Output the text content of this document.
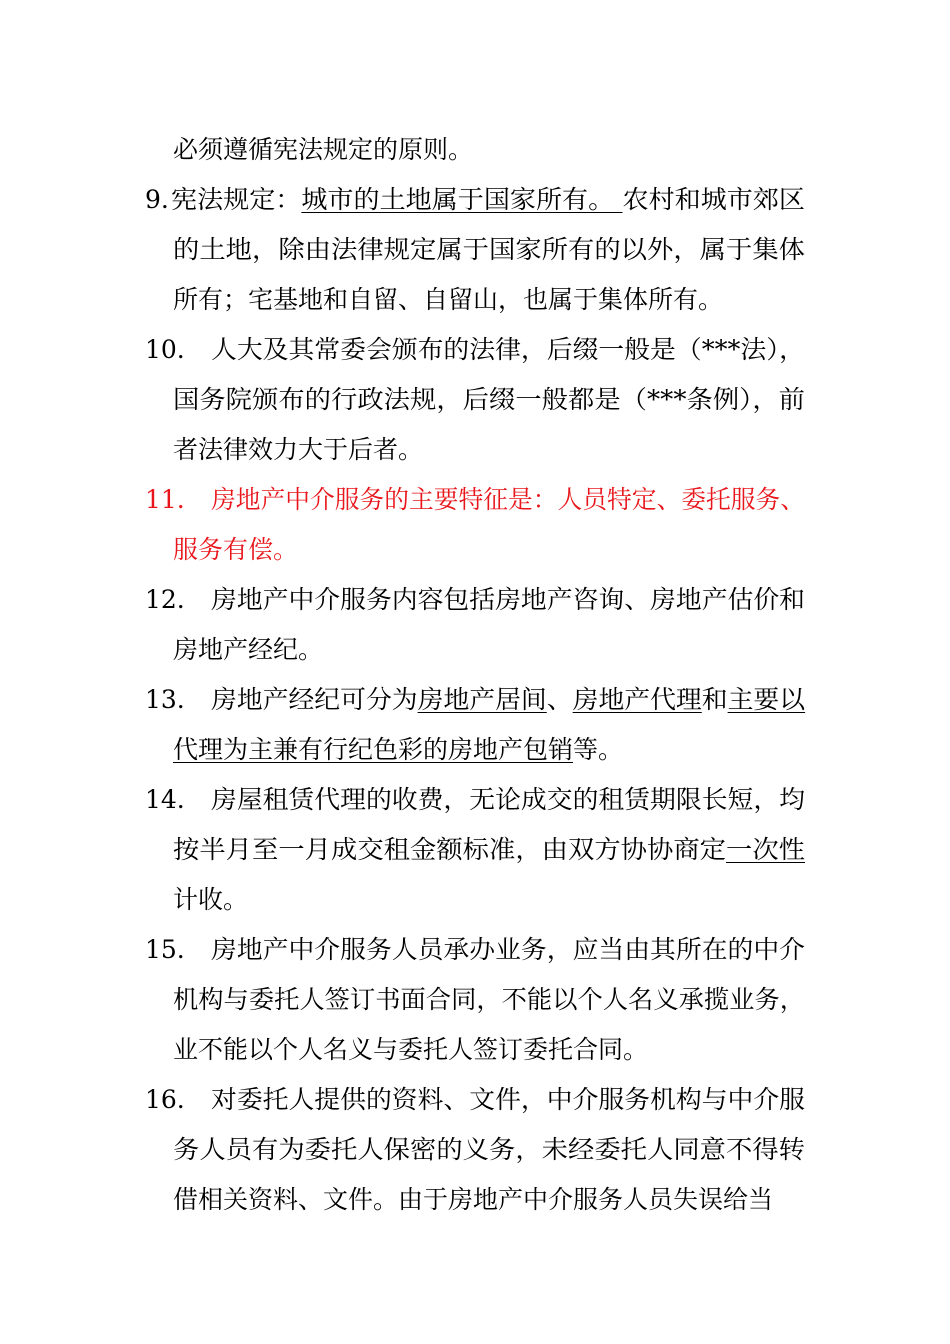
必须遵循宪法规定的原则。
宪法规定：城市的土地属于国家所有。 农村和城市郊区
的土地，除由法律规定属于国家所有的以外，属于集体
所有；宅基地和自留、自留山，也属于集体所有。
9.
人大及其常委会颁布的法律，后缀一般是（***法），
国务院颁布的行政法规，后缀一般都是（***条例），前
者法律效力大于后者。
10.
房地产中介服务的主要特征是：人员特定、委托服务、
服务有偿。
11.
房地产中介服务内容包括房地产咨询、房地产估价和
房地产经纪。
12.
房地产经纪可分为房地产居间、房地产代理和主要以
代理为主兼有行纪色彩的房地产包销等。
13.
房屋租赁代理的收费，无论成交的租赁期限长短，均
按半月至一月成交租金额标准，由双方协协商定一次性
计收。
14.
房地产中介服务人员承办业务，应当由其所在的中介
机构与委托人签订书面合同，不能以个人名义承揽业务，
业不能以个人名义与委托人签订委托合同。
15.
对委托人提供的资料、文件，中介服务机构与中介服
务人员有为委托人保密的义务，未经委托人同意不得转
借相关资料、文件。由于房地产中介服务人员失误给当
16.
